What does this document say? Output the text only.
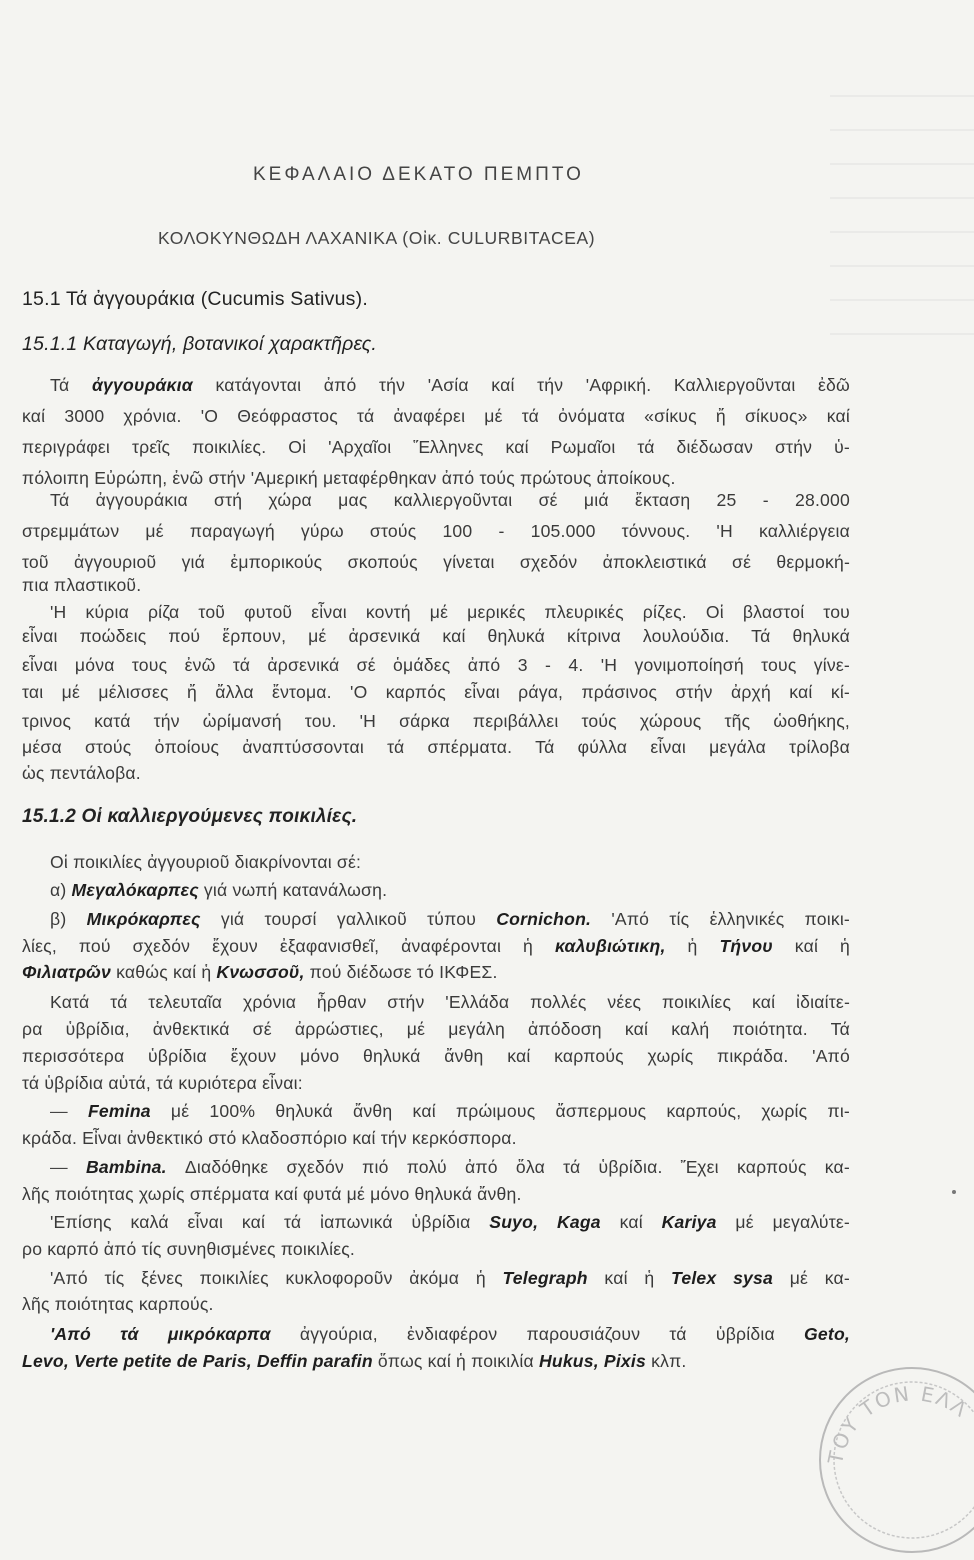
ΚΕΦΑΛΑΙΟ ΔΕΚΑΤΟ ΠΕΜΠΤΟ
ΚΟΛΟΚΥΝΘΩΔΗ ΛΑΧΑΝΙΚΑ (Οἰκ. CULURBITACEA)
15.1 Τά ἀγγουράκια (Cucumis Sativus).
15.1.1 Καταγωγή, βοτανικοί χαρακτῆρες.
Τά ἀγγουράκια κατάγονται ἀπό τήν 'Ασία καί τήν 'Αφρική. Καλλιεργοῦνται ἐδῶ
καί 3000 χρόνια. 'Ο Θεόφραστος τά ἀναφέρει μέ τά ὀνόματα «σίκυς ἤ σίκυος» καί
περιγράφει τρεῖς ποικιλίες. Οἱ 'Αρχαῖοι Ἕλληνες καί Ρωμαῖοι τά διέδωσαν στήν ὑ-
πόλοιπη Εὐρώπη, ἐνῶ στήν 'Αμερική μεταφέρθηκαν ἀπό τούς πρώτους ἀποίκους.
Τά ἀγγουράκια στή χώρα μας καλλιεργοῦνται σέ μιά ἔκταση 25 - 28.000
στρεμμάτων μέ παραγωγή γύρω στούς 100 - 105.000 τόννους. 'Η καλλιέργεια
τοῦ ἀγγουριοῦ γιά ἐμπορικούς σκοπούς γίνεται σχεδόν ἀποκλειστικά σέ θερμοκή-
πια πλαστικοῦ.
'Η κύρια ρίζα τοῦ φυτοῦ εἶναι κοντή μέ μερικές πλευρικές ρίζες. Οἱ βλαστοί του
εἶναι ποώδεις πού ἕρπουν, μέ ἀρσενικά καί θηλυκά κίτρινα λουλούδια. Τά θηλυκά
εἶναι μόνα τους ἐνῶ τά ἀρσενικά σέ ὁμάδες ἀπό 3 - 4. 'Η γονιμοποίησή τους γίνε-
ται μέ μέλισσες ἤ ἄλλα ἔντομα. 'Ο καρπός εἶναι ράγα, πράσινος στήν ἀρχή καί κί-
τρινος κατά τήν ὡρίμανσή του. 'Η σάρκα περιβάλλει τούς χώρους τῆς ὡοθήκης,
μέσα στούς ὁποίους ἀναπτύσσονται τά σπέρματα. Τά φύλλα εἶναι μεγάλα τρίλοβα
ὡς πεντάλοβα.
15.1.2 Οἱ καλλιεργούμενες ποικιλίες.
Οἱ ποικιλίες ἀγγουριοῦ διακρίνονται σέ:
α) Μεγαλόκαρπες γιά νωπή κατανάλωση.
β) Μικρόκαρπες γιά τουρσί γαλλικοῦ τύπου Cornichon. 'Από τίς ἑλληνικές ποικι-
λίες, πού σχεδόν ἔχουν ἐξαφανισθεῖ, ἀναφέρονται ἡ καλυβιώτικη, ἡ Τήνου καί ἡ
Φιλιατρῶν καθώς καί ἡ Κνωσσοῦ, πού διέδωσε τό ΙΚΦΕΣ.
Κατά τά τελευταῖα χρόνια ἦρθαν στήν 'Ελλάδα πολλές νέες ποικιλίες καί ἰδιαίτε-
ρα ὑβρίδια, ἀνθεκτικά σέ ἀρρώστιες, μέ μεγάλη ἀπόδοση καί καλή ποιότητα. Τά
περισσότερα ὑβρίδια ἔχουν μόνο θηλυκά ἄνθη καί καρπούς χωρίς πικράδα. 'Από
τά ὑβρίδια αὐτά, τά κυριότερα εἶναι:
— Femina μέ 100% θηλυκά ἄνθη καί πρώιμους ἄσπερμους καρπούς, χωρίς πι-
κράδα. Εἶναι ἀνθεκτικό στό κλαδοσπόριο καί τήν κερκόσπορα.
— Bambina. Διαδόθηκε σχεδόν πιό πολύ ἀπό ὅλα τά ὑβρίδια. Ἔχει καρπούς κα-
λῆς ποιότητας χωρίς σπέρματα καί φυτά μέ μόνο θηλυκά ἄνθη.
'Επίσης καλά εἶναι καί τά ἰαπωνικά ὑβρίδια Suyo, Kaga καί Kariya μέ μεγαλύτε-
ρο καρπό ἀπό τίς συνηθισμένες ποικιλίες.
'Από τίς ξένες ποικιλίες κυκλοφοροῦν ἀκόμα ἡ Telegraph καί ἡ Telex sysa μέ κα-
λῆς ποιότητας καρπούς.
'Από τά μικρόκαρπα ἀγγούρια, ἐνδιαφέρον παρουσιάζουν τά ὑβρίδια Geto,
Levo, Verte petite de Paris, Deffin parafin ὅπως καί ἡ ποικιλία Hukus, Pixis κλπ.
ΤΟΥ ΤΟΝ ΕΛΛ
